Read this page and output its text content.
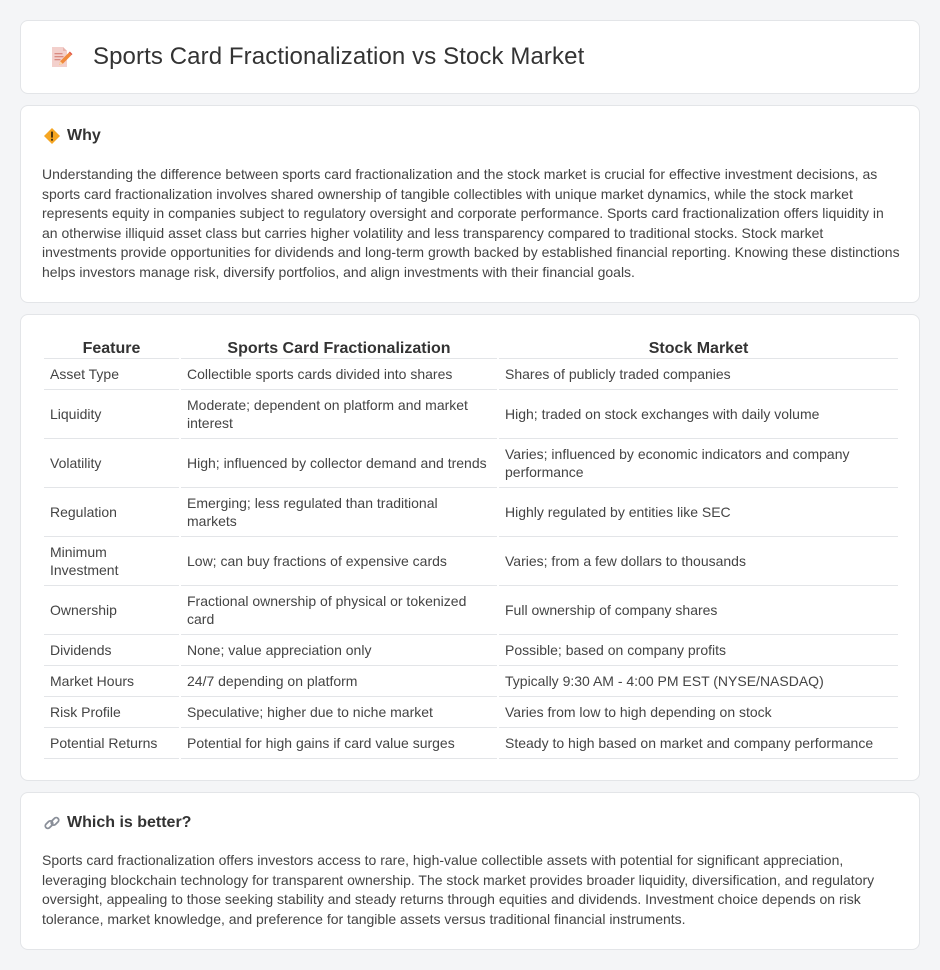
Sports Card Fractionalization vs Stock Market
Why

Understanding the difference between sports card fractionalization and the stock market is crucial for effective investment decisions, as sports card fractionalization involves shared ownership of tangible collectibles with unique market dynamics, while the stock market represents equity in companies subject to regulatory oversight and corporate performance. Sports card fractionalization offers liquidity in an otherwise illiquid asset class but carries higher volatility and less transparency compared to traditional stocks. Stock market investments provide opportunities for dividends and long-term growth backed by established financial reporting. Knowing these distinctions helps investors manage risk, diversify portfolios, and align investments with their financial goals.

Feature	Sports Card Fractionalization	Stock Market
Asset Type	Collectible sports cards divided into shares	Shares of publicly traded companies
Liquidity	Moderate; dependent on platform and market interest	High; traded on stock exchanges with daily volume
Volatility	High; influenced by collector demand and trends	Varies; influenced by economic indicators and company performance
Regulation	Emerging; less regulated than traditional markets	Highly regulated by entities like SEC
Minimum Investment	Low; can buy fractions of expensive cards	Varies; from a few dollars to thousands
Ownership	Fractional ownership of physical or tokenized card	Full ownership of company shares
Dividends	None; value appreciation only	Possible; based on company profits
Market Hours	24/7 depending on platform	Typically 9:30 AM - 4:00 PM EST (NYSE/NASDAQ)
Risk Profile	Speculative; higher due to niche market	Varies from low to high depending on stock
Potential Returns	Potential for high gains if card value surges	Steady to high based on market and company performance
Which is better?

Sports card fractionalization offers investors access to rare, high-value collectible assets with potential for significant appreciation, leveraging blockchain technology for transparent ownership. The stock market provides broader liquidity, diversification, and regulatory oversight, appealing to those seeking stability and steady returns through equities and dividends. Investment choice depends on risk tolerance, market knowledge, and preference for tangible assets versus traditional financial instruments.
